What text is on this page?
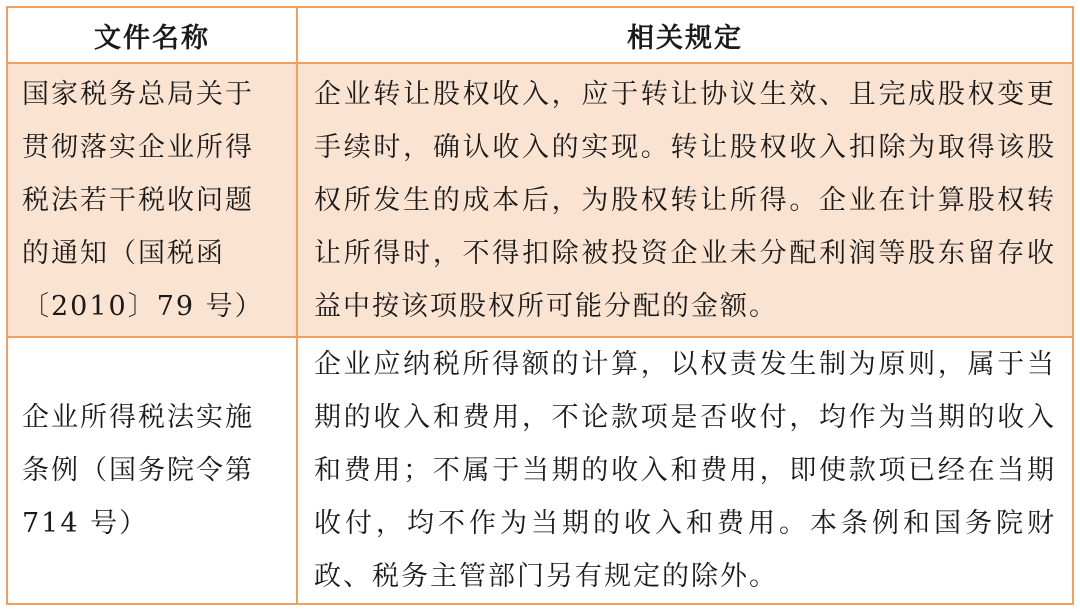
文件名称	相关规定
国家税务总局关于贯彻落实企业所得税法若干税收问题的通知（国税函〔2010〕79 号）	企业转让股权收入，应于转让协议生效、且完成股权变更手续时，确认收入的实现。转让股权收入扣除为取得该股权所发生的成本后，为股权转让所得。企业在计算股权转让所得时，不得扣除被投资企业未分配利润等股东留存收益中按该项股权所可能分配的金额。
企业所得税法实施条例（国务院令第 714 号）	企业应纳税所得额的计算，以权责发生制为原则，属于当期的收入和费用，不论款项是否收付，均作为当期的收入和费用；不属于当期的收入和费用，即使款项已经在当期收付，均不作为当期的收入和费用。本条例和国务院财政、税务主管部门另有规定的除外。
